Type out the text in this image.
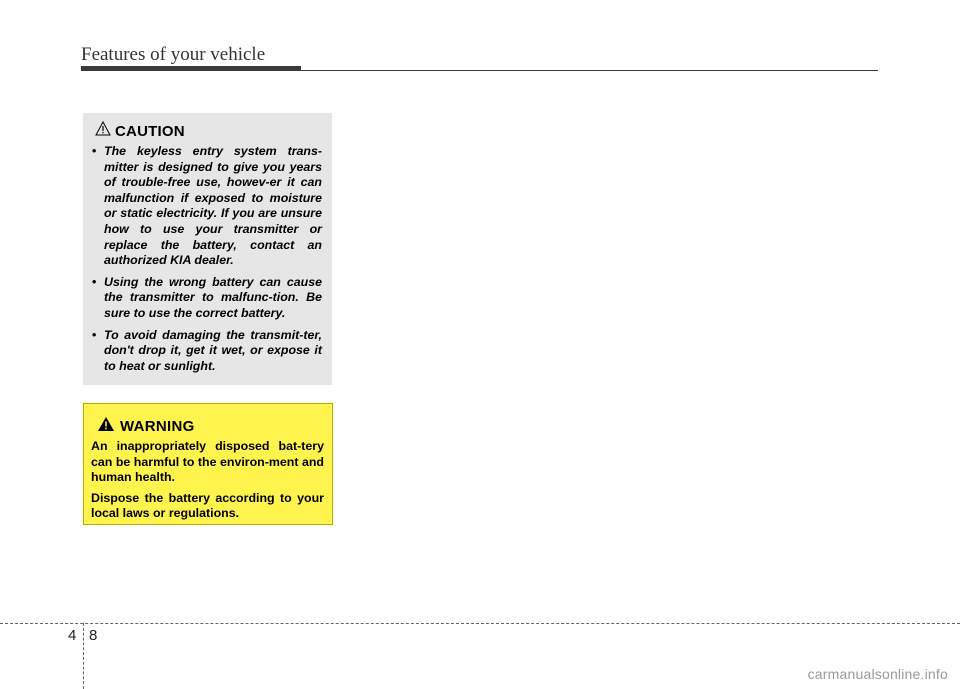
Features of your vehicle
CAUTION
• The keyless entry system trans-mitter is designed to give you years of trouble-free use, howev-er it can malfunction if exposed to moisture or static electricity. If you are unsure how to use your transmitter or replace the battery, contact an authorized KIA dealer.
• Using the wrong battery can cause the transmitter to malfunc-tion. Be sure to use the correct battery.
• To avoid damaging the transmit-ter, don't drop it, get it wet, or expose it to heat or sunlight.
WARNING

An inappropriately disposed bat-tery can be harmful to the environ-ment and human health.

Dispose the battery according to your local laws or regulations.

4 8
carmanualsonline.info
